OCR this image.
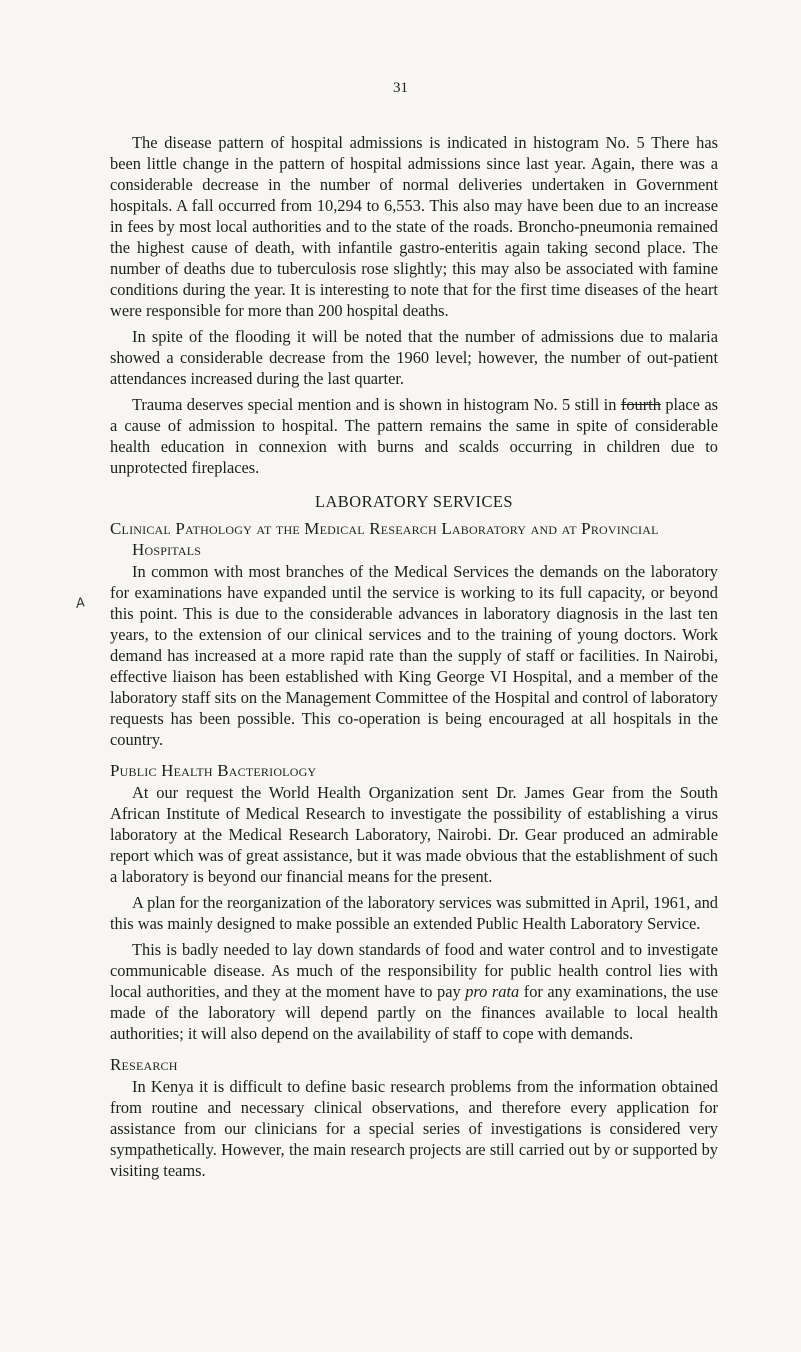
31
A

The disease pattern of hospital admissions is indicated in histogram No. 5 There has been little change in the pattern of hospital admissions since last year. Again, there was a considerable decrease in the number of normal deliveries undertaken in Government hospitals. A fall occurred from 10,294 to 6,553. This also may have been due to an increase in fees by most local authorities and to the state of the roads. Broncho-pneumonia remained the highest cause of death, with infantile gastro-enteritis again taking second place. The number of deaths due to tuberculosis rose slightly; this may also be associated with famine conditions during the year. It is interesting to note that for the first time diseases of the heart were responsible for more than 200 hospital deaths.

In spite of the flooding it will be noted that the number of admissions due to malaria showed a considerable decrease from the 1960 level; however, the number of out-patient attendances increased during the last quarter.

Trauma deserves special mention and is shown in histogram No. 5 still in fourth place as a cause of admission to hospital. The pattern remains the same in spite of considerable health education in connexion with burns and scalds occurring in children due to unprotected fireplaces.

LABORATORY SERVICES
Clinical Pathology at the Medical Research Laboratory and at Provincial
Hospitals

In common with most branches of the Medical Services the demands on the laboratory for examinations have expanded until the service is working to its full capacity, or beyond this point. This is due to the considerable advances in laboratory diagnosis in the last ten years, to the extension of our clinical services and to the training of young doctors. Work demand has increased at a more rapid rate than the supply of staff or facilities. In Nairobi, effective liaison has been established with King George VI Hospital, and a member of the laboratory staff sits on the Management Committee of the Hospital and control of laboratory requests has been possible. This co-operation is being encouraged at all hospitals in the country.

Public Health Bacteriology

At our request the World Health Organization sent Dr. James Gear from the South African Institute of Medical Research to investigate the possibility of establishing a virus laboratory at the Medical Research Laboratory, Nairobi. Dr. Gear produced an admirable report which was of great assistance, but it was made obvious that the establishment of such a laboratory is beyond our financial means for the present.

A plan for the reorganization of the laboratory services was submitted in April, 1961, and this was mainly designed to make possible an extended Public Health Laboratory Service.

This is badly needed to lay down standards of food and water control and to investigate communicable disease. As much of the responsibility for public health control lies with local authorities, and they at the moment have to pay pro rata for any examinations, the use made of the laboratory will depend partly on the finances available to local health authorities; it will also depend on the availability of staff to cope with demands.

Research

In Kenya it is difficult to define basic research problems from the information obtained from routine and necessary clinical observations, and therefore every application for assistance from our clinicians for a special series of investigations is considered very sympathetically. However, the main research projects are still carried out by or supported by visiting teams.
